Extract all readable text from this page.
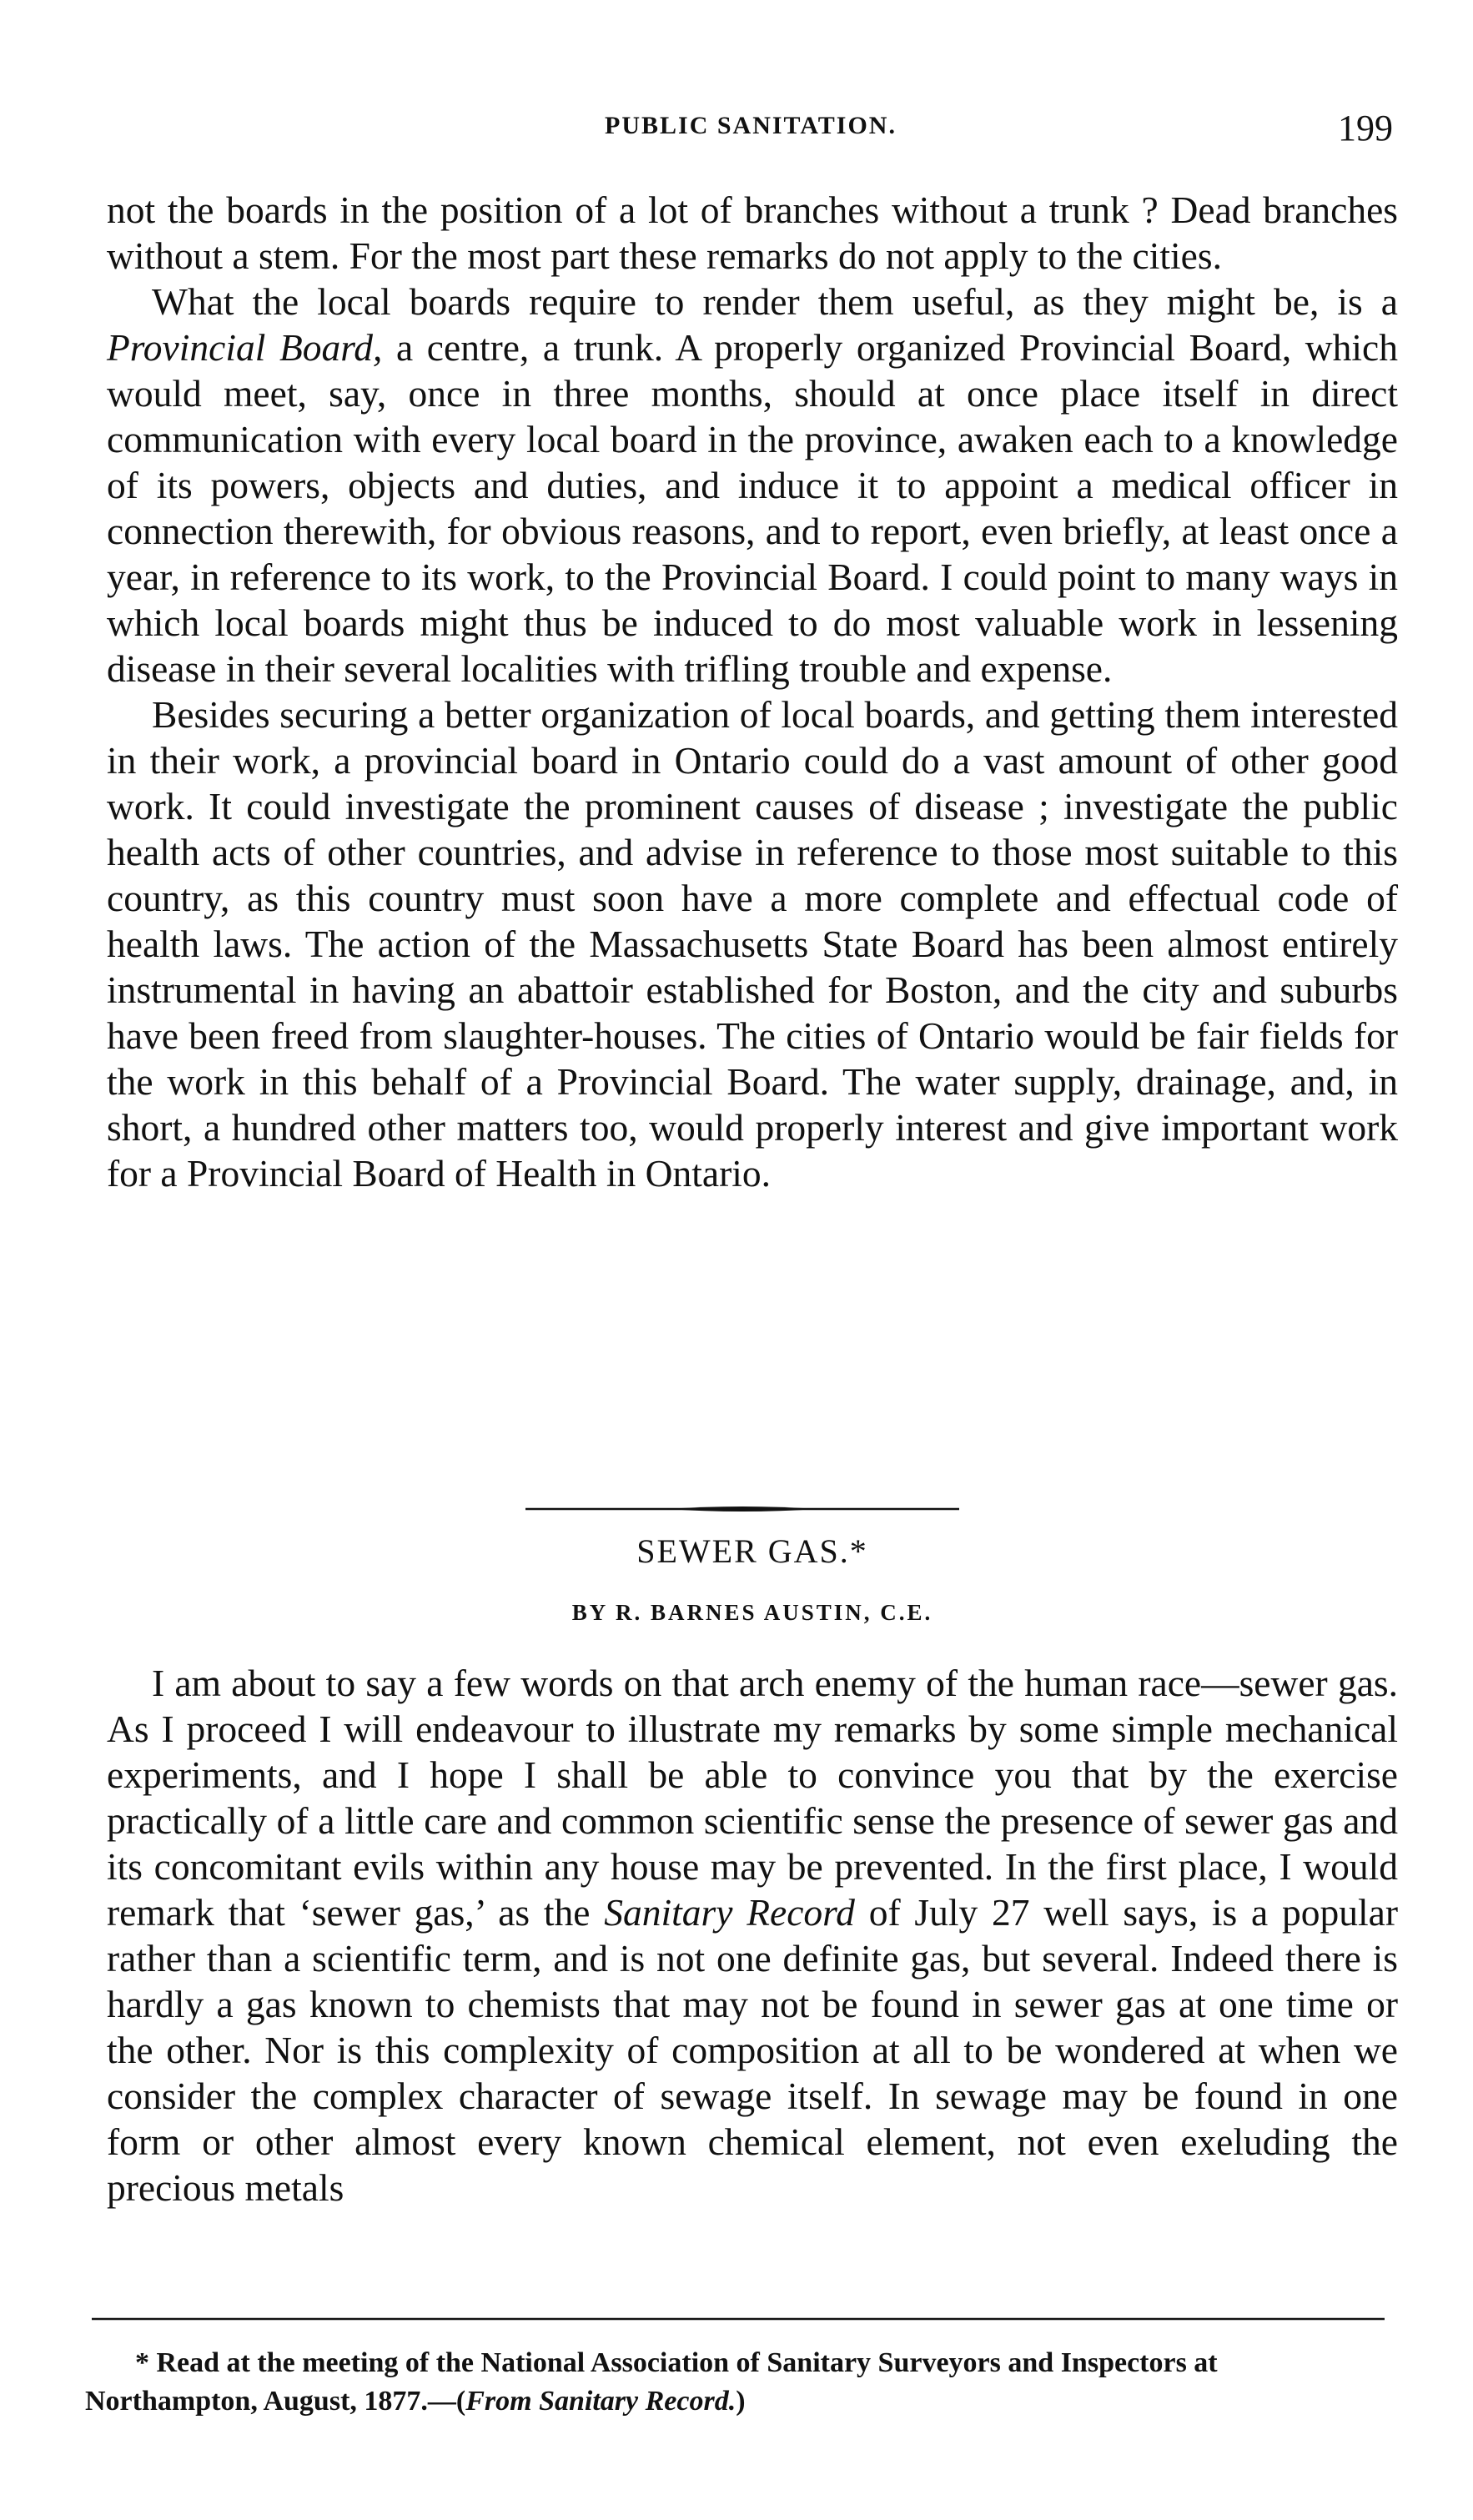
PUBLIC SANITATION.	199

not the boards in the position of a lot of branches without a trunk ? Dead branches without a stem. For the most part these remarks do not apply to the cities.

What the local boards require to render them useful, as they might be, is a Provincial Board, a centre, a trunk. A properly organized Provincial Board, which would meet, say, once in three months, should at once place itself in direct communication with every local board in the province, awaken each to a knowledge of its powers, objects and duties, and induce it to appoint a medical officer in connection therewith, for obvious reasons, and to report, even briefly, at least once a year, in reference to its work, to the Provincial Board. I could point to many ways in which local boards might thus be induced to do most valuable work in lessening disease in their several localities with trifling trouble and expense.

Besides securing a better organization of local boards, and getting them interested in their work, a provincial board in Ontario could do a vast amount of other good work. It could investigate the prominent causes of disease ; investigate the public health acts of other countries, and advise in reference to those most suitable to this country, as this country must soon have a more complete and effectual code of health laws. The action of the Massachusetts State Board has been almost entirely instrumental in having an abattoir established for Boston, and the city and suburbs have been freed from slaughter-houses. The cities of Ontario would be fair fields for the work in this behalf of a Provincial Board. The water supply, drainage, and, in short, a hundred other matters too, would properly interest and give important work for a Provincial Board of Health in Ontario.

SEWER GAS.*
BY R. BARNES AUSTIN, C.E.

I am about to say a few words on that arch enemy of the human race—sewer gas. As I proceed I will endeavour to illustrate my remarks by some simple mechanical experiments, and I hope I shall be able to convince you that by the exercise practically of a little care and common scientific sense the presence of sewer gas and its concomitant evils within any house may be prevented. In the first place, I would remark that ‘sewer gas,’ as the Sanitary Record of July 27 well says, is a popular rather than a scientific term, and is not one definite gas, but several. Indeed there is hardly a gas known to chemists that may not be found in sewer gas at one time or the other. Nor is this complexity of composition at all to be wondered at when we consider the complex character of sewage itself. In sewage may be found in one form or other almost every known chemical element, not even exeluding the precious metals

* Read at the meeting of the National Association of Sanitary Surveyors and Inspectors at Northampton, August, 1877.—(From Sanitary Record.)
